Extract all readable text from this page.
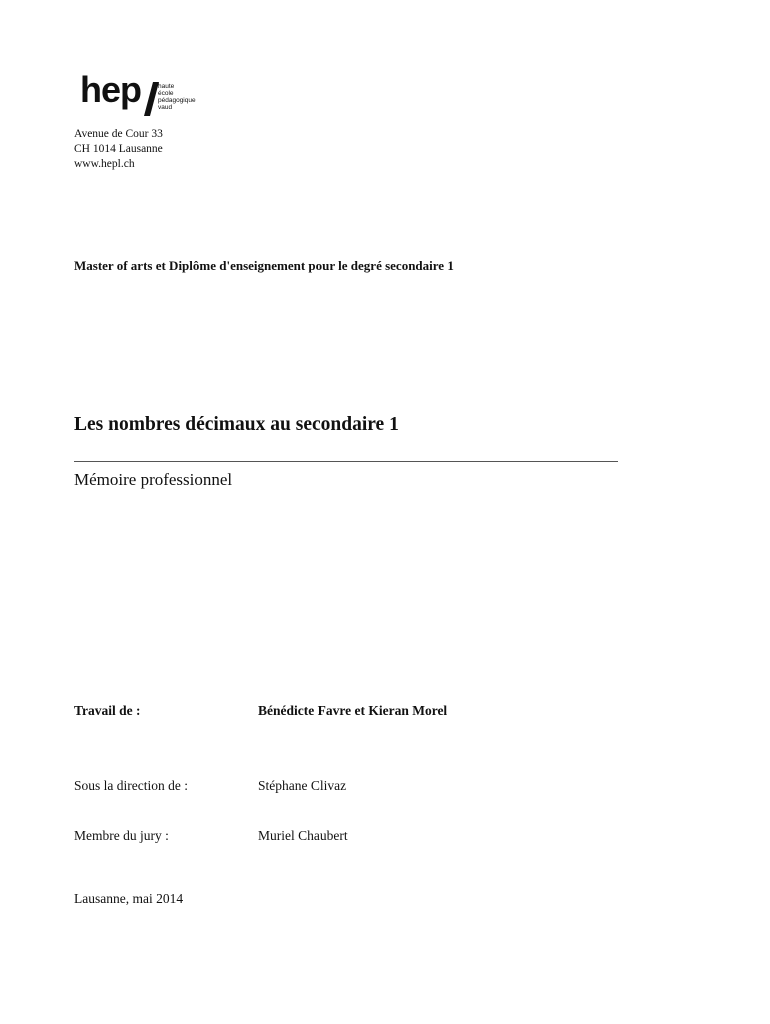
hep	haute
école
pédagogique
vaud
Avenue de Cour 33
CH 1014 Lausanne
www.hepl.ch
Master of arts et Diplôme d'enseignement pour le degré secondaire 1
Les nombres décimaux au secondaire 1
Mémoire professionnel
Travail de :	Bénédicte Favre et Kieran Morel
Sous la direction de :	Stéphane Clivaz
Membre du jury :	Muriel Chaubert
Lausanne, mai 2014
